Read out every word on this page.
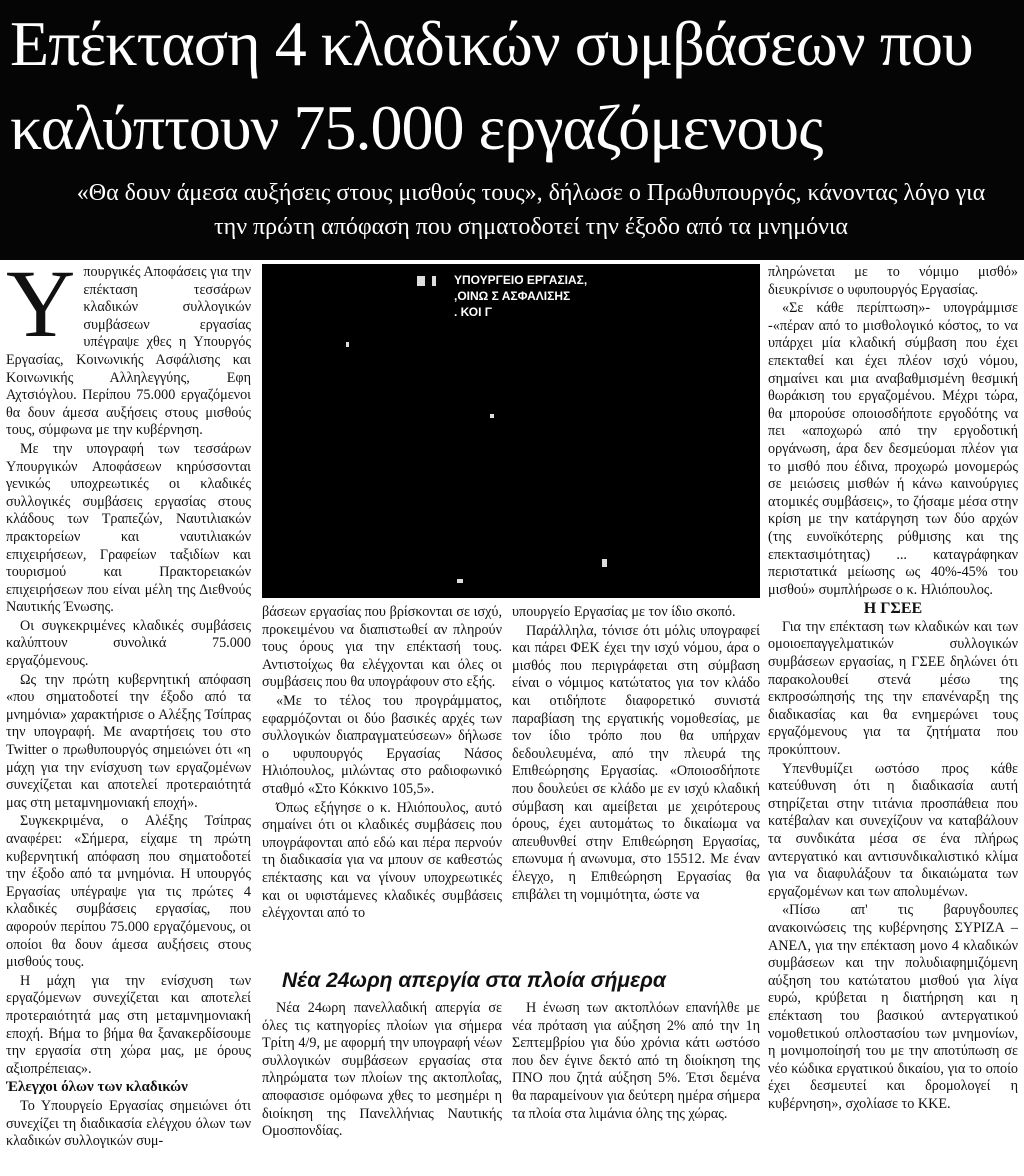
Επέκταση 4 κλαδικών συμβάσεων που καλύπτουν 75.000 εργαζόμενους
«Θα δουν άμεσα αυξήσεις στους μισθούς τους», δήλωσε ο Πρωθυπουργός, κάνοντας λόγο για την πρώτη απόφαση που σηματοδοτεί την έξοδο από τα μνημόνια

Υπουργικές Αποφάσεις για την επέκταση τεσσάρων κλαδικών συλλογικών συμβάσεων εργασίας υπέγραψε χθες η Υπουργός Εργασίας, Κοινωνικής Ασφάλισης και Κοινωνικής Αλληλεγγύης, Εφη Αχτσιόγλου. Περίπου 75.000 εργαζόμενοι θα δουν άμεσα αυξήσεις στους μισθούς τους, σύμφωνα με την κυβέρνηση.

Με την υπογραφή των τεσσάρων Υπουργικών Αποφάσεων κηρύσσονται γενικώς υποχρεωτικές οι κλαδικές συλλογικές συμβάσεις εργασίας στους κλάδους των Τραπεζών, Ναυτιλιακών πρακτορείων και ναυτιλιακών επιχειρήσεων, Γραφείων ταξιδίων και τουρισμού και Πρακτορειακών επιχειρήσεων που είναι μέλη της Διεθνούς Ναυτικής Ένωσης.

Οι συγκεκριμένες κλαδικές συμβάσεις καλύπτουν συνολικά 75.000 εργαζόμενους.

Ως την πρώτη κυβερνητική απόφαση «που σηματοδοτεί την έξοδο από τα μνημόνια» χαρακτήρισε ο Αλέξης Τσίπρας την υπογραφή. Με αναρτήσεις του στο Twitter ο πρωθυπουργός σημειώνει ότι «η μάχη για την ενίσχυση των εργαζομένων συνεχίζεται και αποτελεί προτεραιότητά μας στη μεταμνημονιακή εποχή».

Συγκεκριμένα, ο Αλέξης Τσίπρας αναφέρει: «Σήμερα, είχαμε τη πρώτη κυβερνητική απόφαση που σηματοδοτεί την έξοδο από τα μνημόνια. Η υπουργός Εργασίας υπέγραψε για τις πρώτες 4 κλαδικές συμβάσεις εργασίας, που αφορούν περίπου 75.000 εργαζόμενους, οι οποίοι θα δουν άμεσα αυξήσεις στους μισθούς τους.

Η μάχη για την ενίσχυση των εργαζόμενων συνεχίζεται και αποτελεί προτεραιότητά μας στη μεταμνημονιακή εποχή. Βήμα το βήμα θα ξανακερδίσουμε την εργασία στη χώρα μας, με όρους αξιοπρέπειας».

Έλεγχοι όλων των κλαδικών

Το Υπουργείο Εργασίας σημειώνει ότι συνεχίζει τη διαδικασία ελέγχου όλων των κλαδικών συλλογικών συμ-

ΥΠΟΥΡΓΕΙΟ ΕΡΓΑΣΙΑΣ,
,ΟΙΝΩ Σ ΑΣΦΑΛΙΣΗΣ
. ΚΟΙ Γ

βάσεων εργασίας που βρίσκονται σε ισχύ, προκειμένου να διαπιστωθεί αν πληρούν τους όρους για την επέκτασή τους. Αντιστοίχως θα ελέγχονται και όλες οι συμβάσεις που θα υπογράφουν στο εξής.

«Με το τέλος του προγράμματος, εφαρμόζονται οι δύο βασικές αρχές των συλλογικών διαπραγματεύσεων» δήλωσε ο υφυπουργός Εργασίας Νάσος Ηλιόπουλος, μιλώντας στο ραδιοφωνικό σταθμό «Στο Κόκκινο 105,5».

Όπως εξήγησε ο κ. Ηλιόπουλος, αυτό σημαίνει ότι οι κλαδικές συμβάσεις που υπογράφονται από εδώ και πέρα περνούν τη διαδικασία για να μπουν σε καθεστώς επέκτασης και να γίνουν υποχρεωτικές και οι υφιστάμενες κλαδικές συμβάσεις ελέγχονται από το

υπουργείο Εργασίας με τον ίδιο σκοπό.

Παράλληλα, τόνισε ότι μόλις υπογραφεί και πάρει ΦΕΚ έχει την ισχύ νόμου, άρα ο μισθός που περιγράφεται στη σύμβαση είναι ο νόμιμος κατώτατος για τον κλάδο και οτιδήποτε διαφορετικό συνιστά παραβίαση της εργατικής νομοθεσίας, με τον ίδιο τρόπο που θα υπήρχαν δεδουλευμένα, από την πλευρά της Επιθεώρησης Εργασίας. «Οποιοσδήποτε που δουλεύει σε κλάδο με εν ισχύ κλαδική σύμβαση και αμείβεται με χειρότερους όρους, έχει αυτομάτως το δικαίωμα να απευθυνθεί στην Επιθεώρηση Εργασίας, επωνυμα ή ανωνυμα, στο 15512. Με έναν έλεγχο, η Επιθεώρηση Εργασίας θα επιβάλει τη νομιμότητα, ώστε να

Νέα 24ωρη απεργία στα πλοία σήμερα

Νέα 24ωρη πανελλαδική απεργία σε όλες τις κατηγορίες πλοίων για σήμερα Τρίτη 4/9, με αφορμή την υπογραφή νέων συλλογικών συμβάσεων εργασίας στα πληρώματα των πλοίων της ακτοπλοΐας, αποφασισε ομόφωνα χθες το μεσημέρι η διοίκηση της Πανελλήνιας Ναυτικής Ομοσπονδίας.

Η ένωση των ακτοπλόων επανήλθε με νέα πρόταση για αύξηση 2% από την 1η Σεπτεμβρίου για δύο χρόνια κάτι ωστόσο που δεν έγινε δεκτό από τη διοίκηση της ΠΝΟ που ζητά αύξηση 5%. Έτσι δεμένα θα παραμείνουν για δεύτερη ημέρα σήμερα τα πλοία στα λιμάνια όλης της χώρας.

πληρώνεται με το νόμιμο μισθό» διευκρίνισε ο υφυπουργός Εργασίας.

«Σε κάθε περίπτωση»- υπογράμμισε -«πέραν από το μισθολογικό κόστος, το να υπάρχει μία κλαδική σύμβαση που έχει επεκταθεί και έχει πλέον ισχύ νόμου, σημαίνει και μια αναβαθμισμένη θεσμική θωράκιση του εργαζομένου. Μέχρι τώρα, θα μπορούσε οποιοσδήποτε εργοδότης να πει «αποχωρώ από την εργοδοτική οργάνωση, άρα δεν δεσμεύομαι πλέον για το μισθό που έδινα, προχωρώ μονομερώς σε μειώσεις μισθών ή κάνω καινούργιες ατομικές συμβάσεις», το ζήσαμε μέσα στην κρίση με την κατάργηση των δύο αρχών (της ευνοϊκότερης ρύθμισης και της επεκτασιμότητας) ... καταγράφηκαν περιστατικά μείωσης ως 40%-45% του μισθού» συμπλήρωσε ο κ. Ηλιόπουλος.

Η ΓΣΕΕ

Για την επέκταση των κλαδικών και των ομοιοεπαγγελματικών συλλογικών συμβάσεων εργασίας, η ΓΣΕΕ δηλώνει ότι παρακολουθεί στενά μέσω της εκπροσώπησής της την επανέναρξη της διαδικασίας και θα ενημερώνει τους εργαζόμενους για τα ζητήματα που προκύπτουν.

Υπενθυμίζει ωστόσο προς κάθε κατεύθυνση ότι η διαδικασία αυτή στηρίζεται στην τιτάνια προσπάθεια που κατέβαλαν και συνεχίζουν να καταβάλουν τα συνδικάτα μέσα σε ένα πλήρως αντεργατικό και αντισυνδικαλιστικό κλίμα για να διαφυλάξουν τα δικαιώματα των εργαζομένων και των απολυμένων.

«Πίσω απ' τις βαρυγδουπες ανακοινώσεις της κυβέρνησης ΣΥΡΙΖΑ – ΑΝΕΛ, για την επέκταση μονο 4 κλαδικών συμβάσεων και την πολυδιαφημιζόμενη αύξηση του κατώτατου μισθού για λίγα ευρώ, κρύβεται η διατήρηση και η επέκταση του βασικού αντεργατικού νομοθετικού οπλοστασίου των μνημονίων, η μονιμοποίησή του με την αποτύπωση σε νέο κώδικα εργατικού δικαίου, για το οποίο έχει δεσμευτεί και δρομολογεί η κυβέρνηση», σχολίασε το ΚΚΕ.
